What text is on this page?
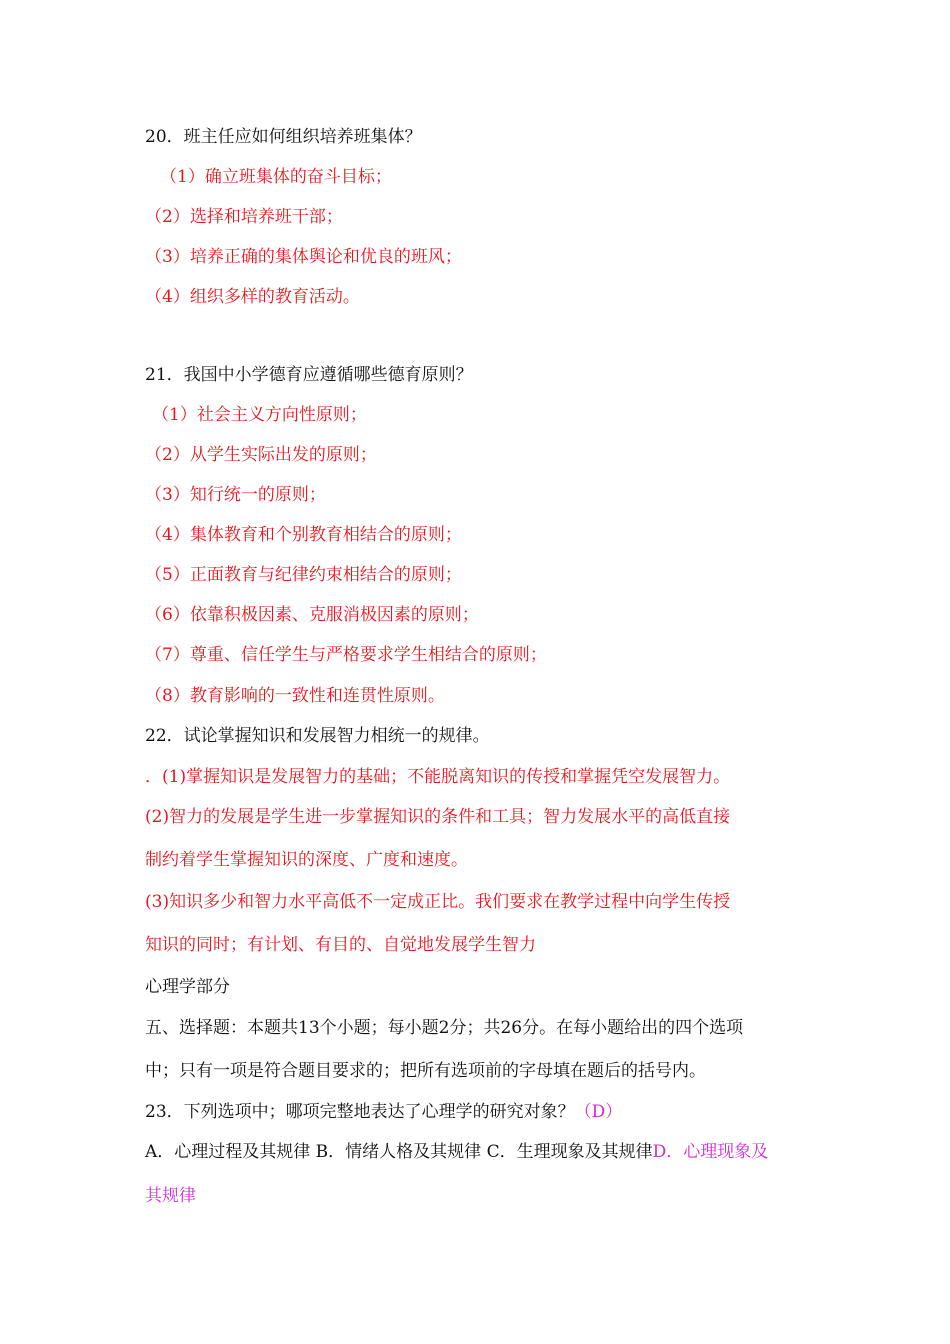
20．班主任应如何组织培养班集体？
（1）确立班集体的奋斗目标；
（2）选择和培养班干部；
（3）培养正确的集体舆论和优良的班风；
（4）组织多样的教育活动。
21．我国中小学德育应遵循哪些德育原则？
（1）社会主义方向性原则；
（2）从学生实际出发的原则；
（3）知行统一的原则；
（4）集体教育和个别教育相结合的原则；
（5）正面教育与纪律约束相结合的原则；
（6）依靠积极因素、克服消极因素的原则；
（7）尊重、信任学生与严格要求学生相结合的原则；
（8）教育影响的一致性和连贯性原则。
22．试论掌握知识和发展智力相统一的规律。
．(1)掌握知识是发展智力的基础；不能脱离知识的传授和掌握凭空发展智力。
(2)智力的发展是学生进一步掌握知识的条件和工具；智力发展水平的高低直接
制约着学生掌握知识的深度、广度和速度。
(3)知识多少和智力水平高低不一定成正比。我们要求在教学过程中向学生传授
知识的同时；有计划、有目的、自觉地发展学生智力
心理学部分
五、选择题：本题共13个小题；每小题2分；共26分。在每小题给出的四个选项
中；只有一项是符合题目要求的；把所有选项前的字母填在题后的括号内。
23．下列选项中；哪项完整地表达了心理学的研究对象？（D）
A．心理过程及其规律 B．情绪人格及其规律 C．生理现象及其规律D．心理现象及
其规律
